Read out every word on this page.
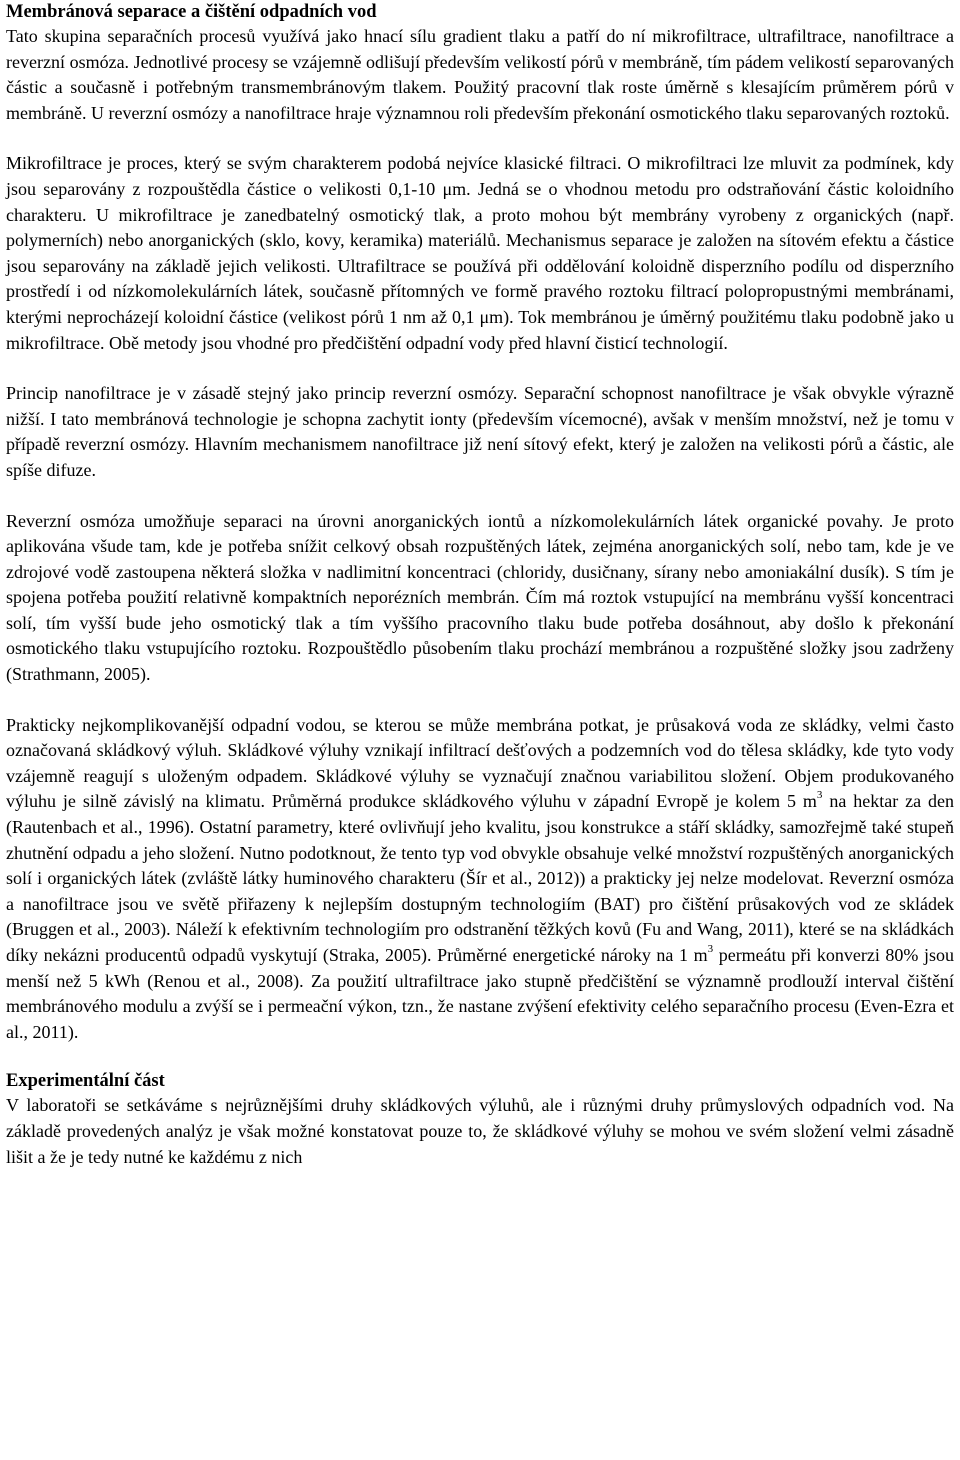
Membránová separace a čištění odpadních vod

Tato skupina separačních procesů využívá jako hnací sílu gradient tlaku a patří do ní mikrofiltrace, ultrafiltrace, nanofiltrace a reverzní osmóza. Jednotlivé procesy se vzájemně odlišují především velikostí pórů v membráně, tím pádem velikostí separovaných částic a současně i potřebným transmembránovým tlakem. Použitý pracovní tlak roste úměrně s klesajícím průměrem pórů v membráně. U reverzní osmózy a nanofiltrace hraje významnou roli především překonání osmotického tlaku separovaných roztoků.

Mikrofiltrace je proces, který se svým charakterem podobá nejvíce klasické filtraci. O mikrofiltraci lze mluvit za podmínek, kdy jsou separovány z rozpouštědla částice o velikosti 0,1-10 μm. Jedná se o vhodnou metodu pro odstraňování částic koloidního charakteru. U mikrofiltrace je zanedbatelný osmotický tlak, a proto mohou být membrány vyrobeny z organických (např. polymerních) nebo anorganických (sklo, kovy, keramika) materiálů. Mechanismus separace je založen na sítovém efektu a částice jsou separovány na základě jejich velikosti. Ultrafiltrace se používá při oddělování koloidně disperzního podílu od disperzního prostředí i od nízkomolekulárních látek, současně přítomných ve formě pravého roztoku filtrací polopropustnými membránami, kterými neprocházejí koloidní částice (velikost pórů 1 nm až 0,1 μm). Tok membránou je úměrný použitému tlaku podobně jako u mikrofiltrace. Obě metody jsou vhodné pro předčištění odpadní vody před hlavní čisticí technologií.

Princip nanofiltrace je v zásadě stejný jako princip reverzní osmózy. Separační schopnost nanofiltrace je však obvykle výrazně nižší. I tato membránová technologie je schopna zachytit ionty (především vícemocné), avšak v menším množství, než je tomu v případě reverzní osmózy. Hlavním mechanismem nanofiltrace již není sítový efekt, který je založen na velikosti pórů a částic, ale spíše difuze.

Reverzní osmóza umožňuje separaci na úrovni anorganických iontů a nízkomolekulárních látek organické povahy. Je proto aplikována všude tam, kde je potřeba snížit celkový obsah rozpuštěných látek, zejména anorganických solí, nebo tam, kde je ve zdrojové vodě zastoupena některá složka v nadlimitní koncentraci (chloridy, dusičnany, sírany nebo amoniakální dusík). S tím je spojena potřeba použití relativně kompaktních neporézních membrán. Čím má roztok vstupující na membránu vyšší koncentraci solí, tím vyšší bude jeho osmotický tlak a tím vyššího pracovního tlaku bude potřeba dosáhnout, aby došlo k překonání osmotického tlaku vstupujícího roztoku. Rozpouštědlo působením tlaku prochází membránou a rozpuštěné složky jsou zadrženy (Strathmann, 2005).

Prakticky nejkomplikovanější odpadní vodou, se kterou se může membrána potkat, je průsaková voda ze skládky, velmi často označovaná skládkový výluh. Skládkové výluhy vznikají infiltrací dešťových a podzemních vod do tělesa skládky, kde tyto vody vzájemně reagují s uloženým odpadem. Skládkové výluhy se vyznačují značnou variabilitou složení. Objem produkovaného výluhu je silně závislý na klimatu. Průměrná produkce skládkového výluhu v západní Evropě je kolem 5 $m^3$ na hektar za den (Rautenbach et al., 1996). Ostatní parametry, které ovlivňují jeho kvalitu, jsou konstrukce a stáří skládky, samozřejmě také stupeň zhutnění odpadu a jeho složení. Nutno podotknout, že tento typ vod obvykle obsahuje velké množství rozpuštěných anorganických solí i organických látek (zvláště látky huminového charakteru (Šír et al., 2012)) a prakticky jej nelze modelovat. Reverzní osmóza a nanofiltrace jsou ve světě přiřazeny k nejlepším dostupným technologiím (BAT) pro čištění průsakových vod ze skládek (Bruggen et al., 2003). Náleží k efektivním technologiím pro odstranění těžkých kovů (Fu and Wang, 2011), které se na skládkách díky nekázni producentů odpadů vyskytují (Straka, 2005). Průměrné energetické nároky na 1 $m^3$ permeátu při konverzi 80% jsou menší než 5 kWh (Renou et al., 2008). Za použití ultrafiltrace jako stupně předčištění se významně prodlouží interval čištění membránového modulu a zvýší se i permeační výkon, tzn., že nastane zvýšení efektivity celého separačního procesu (Even-Ezra et al., 2011).

Experimentální část

V laboratoři se setkáváme s nejrůznějšími druhy skládkových výluhů, ale i různými druhy průmyslových odpadních vod. Na základě provedených analýz je však možné konstatovat pouze to, že skládkové výluhy se mohou ve svém složení velmi zásadně lišit a že je tedy nutné ke každému z nich
